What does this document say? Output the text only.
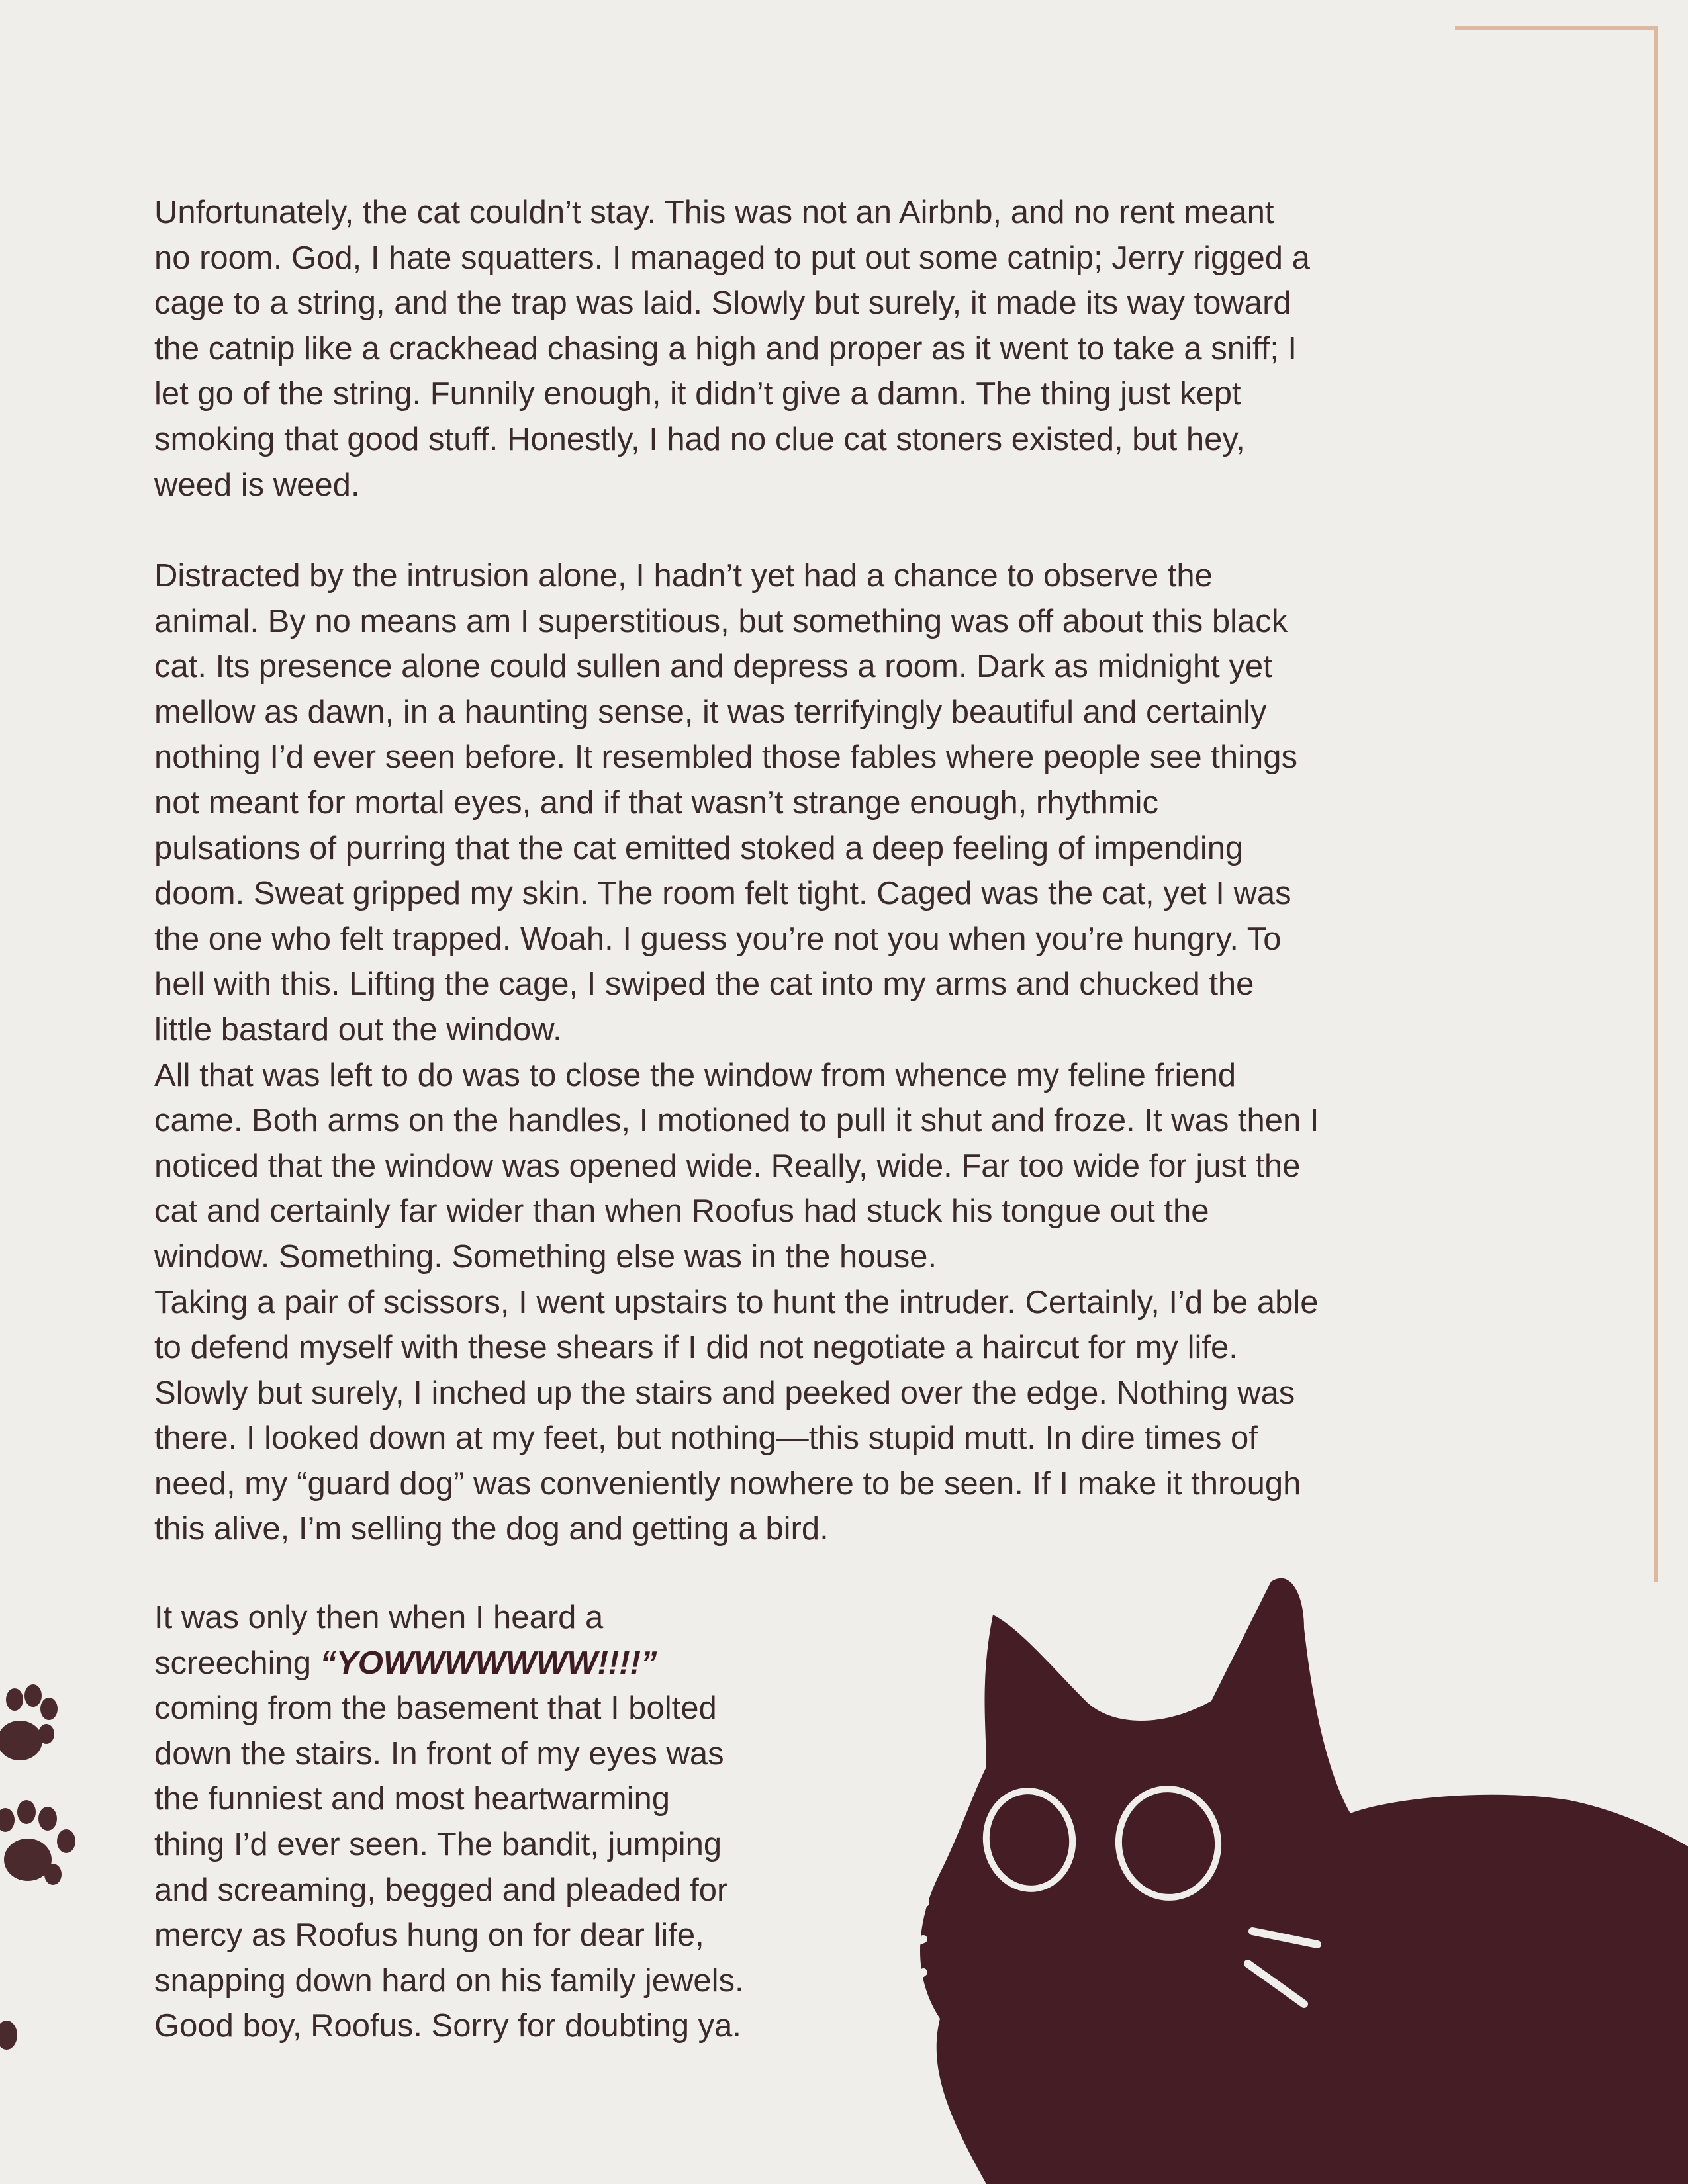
Unfortunately, the cat couldn’t stay. This was not an Airbnb, and no rent meant
no room. God, I hate squatters. I managed to put out some catnip; Jerry rigged a
cage to a string, and the trap was laid. Slowly but surely, it made its way toward
the catnip like a crackhead chasing a high and proper as it went to take a sniff; I
let go of the string. Funnily enough, it didn’t give a damn. The thing just kept
smoking that good stuff. Honestly, I had no clue cat stoners existed, but hey,
weed is weed.

Distracted by the intrusion alone, I hadn’t yet had a chance to observe the
animal. By no means am I superstitious, but something was off about this black
cat. Its presence alone could sullen and depress a room. Dark as midnight yet
mellow as dawn, in a haunting sense, it was terrifyingly beautiful and certainly
nothing I’d ever seen before. It resembled those fables where people see things
not meant for mortal eyes, and if that wasn’t strange enough, rhythmic
pulsations of purring that the cat emitted stoked a deep feeling of impending
doom. Sweat gripped my skin. The room felt tight. Caged was the cat, yet I was
the one who felt trapped. Woah. I guess you’re not you when you’re hungry. To
hell with this. Lifting the cage, I swiped the cat into my arms and chucked the
little bastard out the window.
All that was left to do was to close the window from whence my feline friend
came. Both arms on the handles, I motioned to pull it shut and froze. It was then I
noticed that the window was opened wide. Really, wide. Far too wide for just the
cat and certainly far wider than when Roofus had stuck his tongue out the
window. Something. Something else was in the house.
Taking a pair of scissors, I went upstairs to hunt the intruder. Certainly, I’d be able
to defend myself with these shears if I did not negotiate a haircut for my life.
Slowly but surely, I inched up the stairs and peeked over the edge. Nothing was
there. I looked down at my feet, but nothing—this stupid mutt. In dire times of
need, my “guard dog” was conveniently nowhere to be seen. If I make it through
this alive, I’m selling the dog and getting a bird.

It was only then when I heard a
screeching “YOWWWWWWW!!!!”
coming from the basement that I bolted
down the stairs. In front of my eyes was
the funniest and most heartwarming
thing I’d ever seen. The bandit, jumping
and screaming, begged and pleaded for
mercy as Roofus hung on for dear life,
snapping down hard on his family jewels.
Good boy, Roofus. Sorry for doubting ya.
